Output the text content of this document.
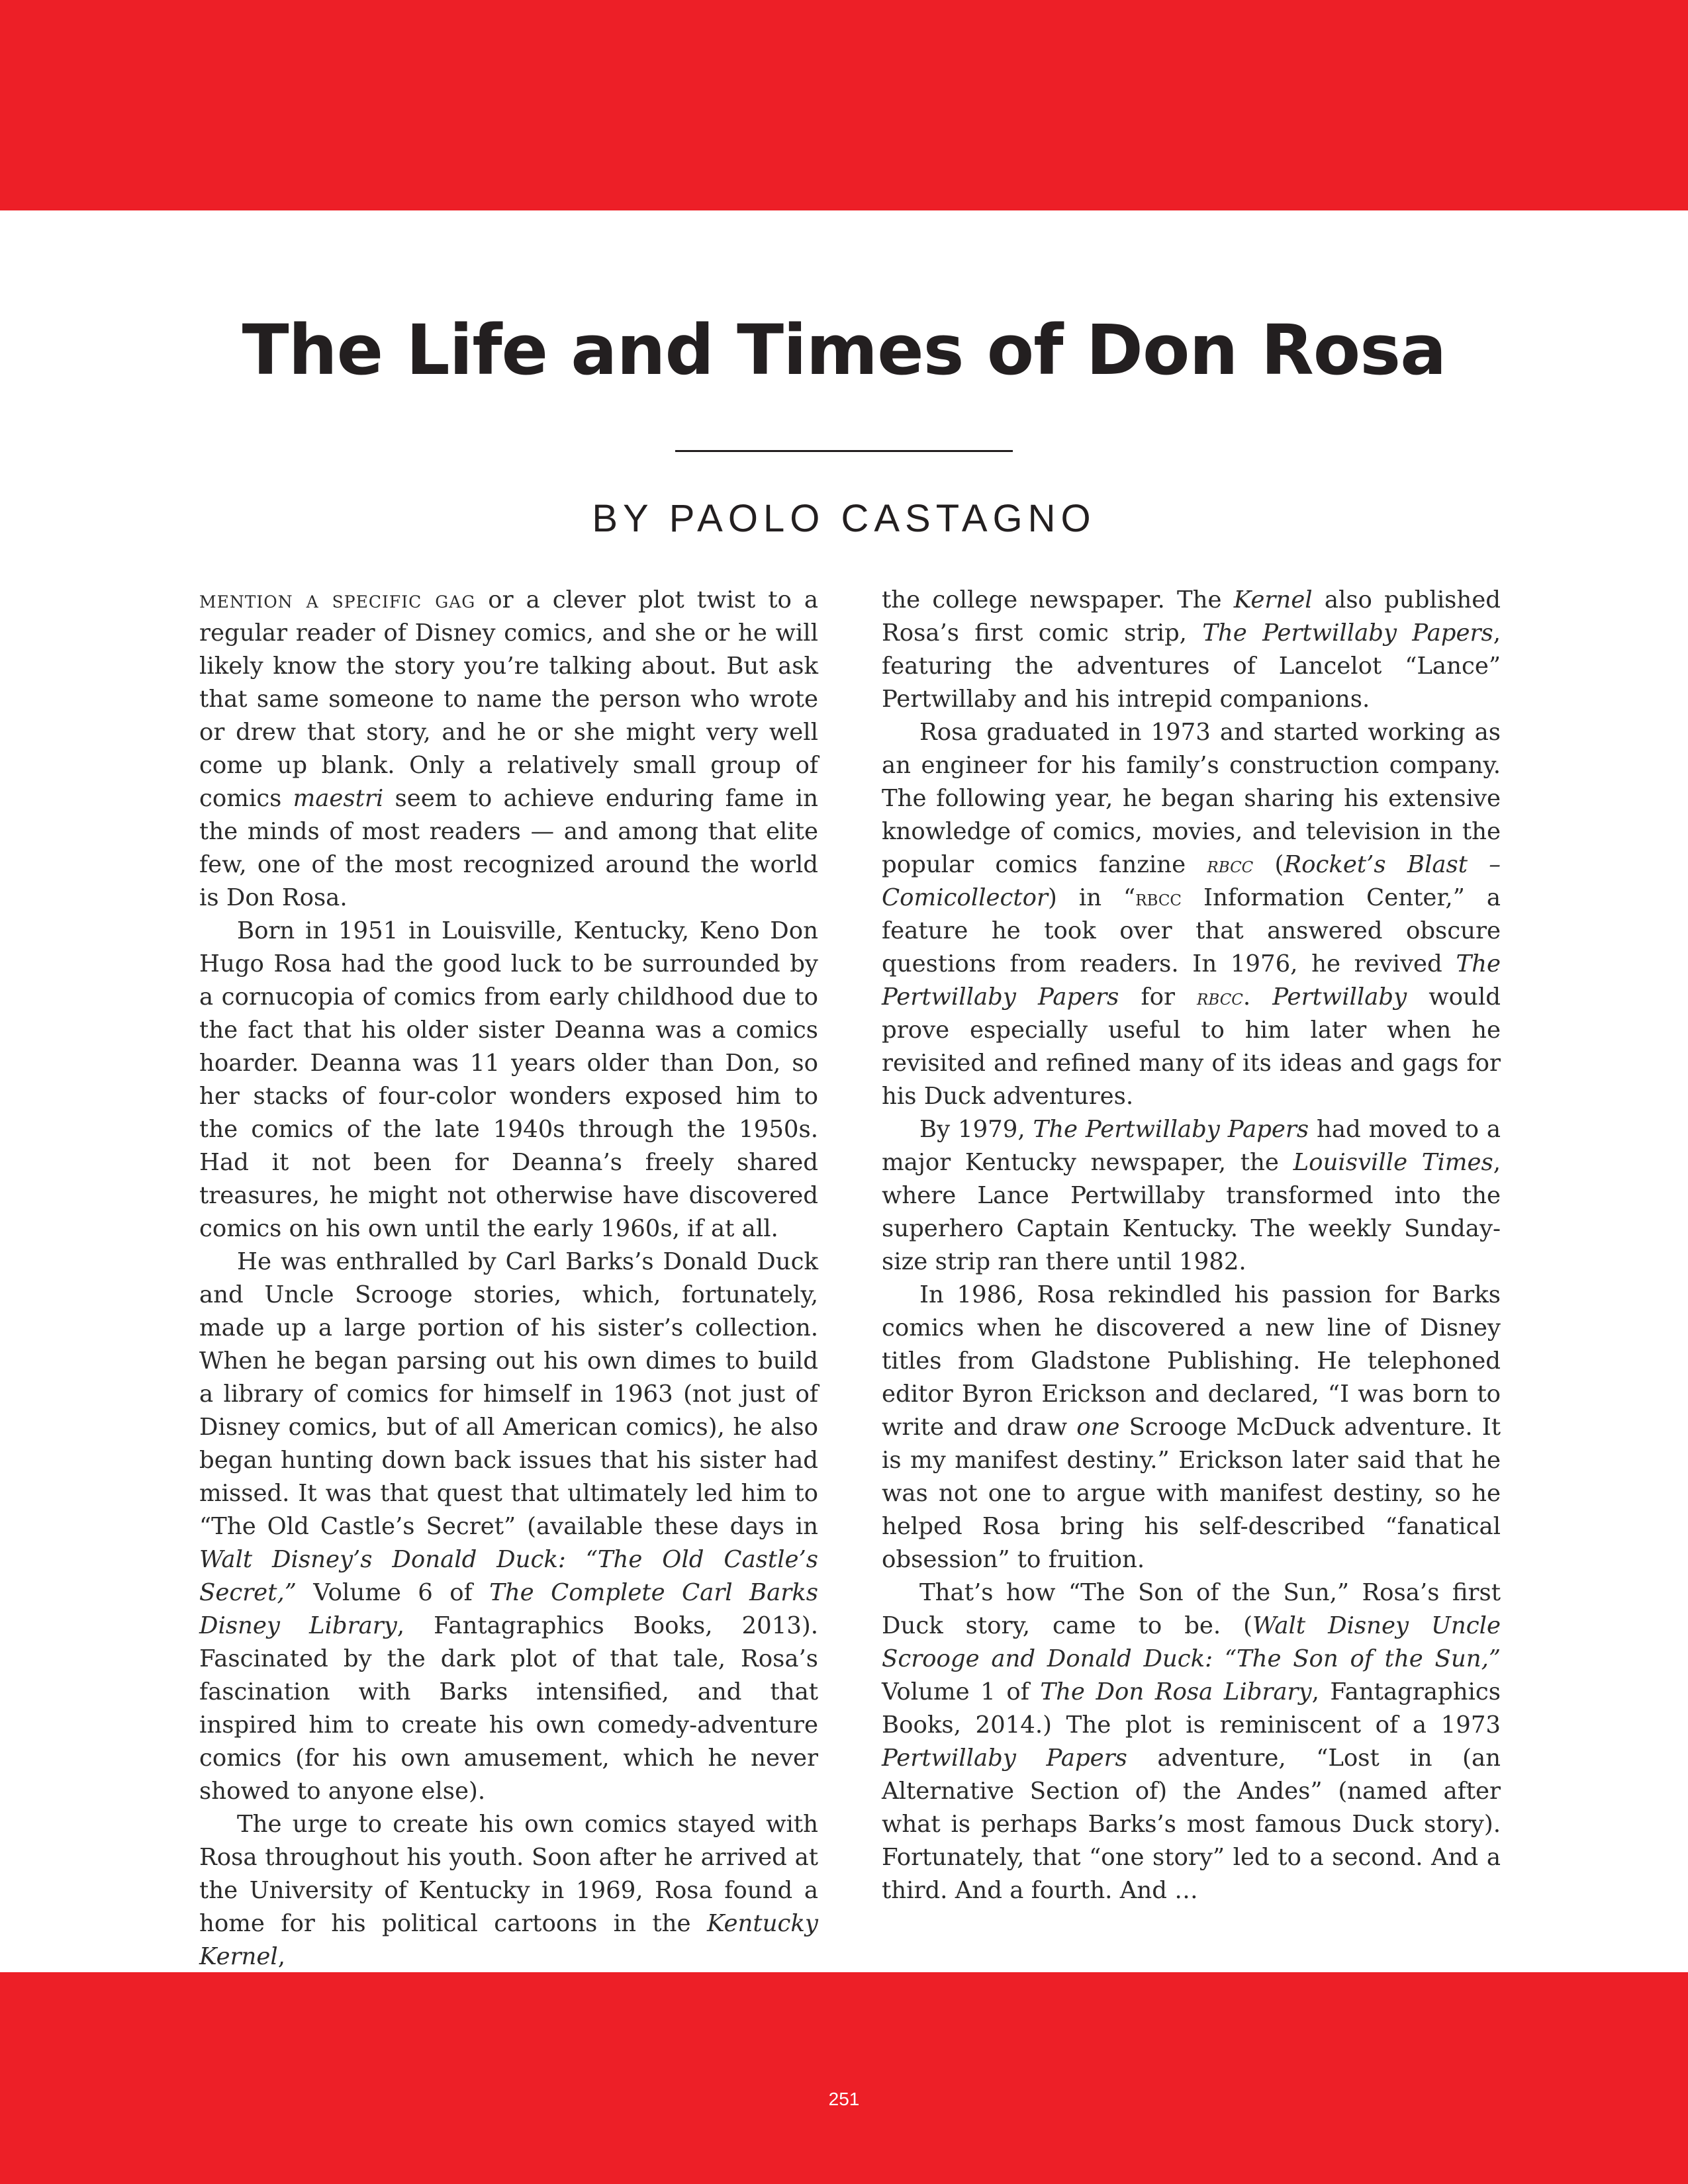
The Life and Times of Don Rosa
BY PAOLO CASTAGNO

mention a specific gag or a clever plot twist to a regular reader of Disney comics, and she or he will likely know the story you’re talking about. But ask that same someone to name the person who wrote or drew that story, and he or she might very well come up blank. Only a relatively small group of comics maestri seem to achieve enduring fame in the minds of most readers — and among that elite few, one of the most recognized around the world is Don Rosa.

Born in 1951 in Louisville, Kentucky, Keno Don Hugo Rosa had the good luck to be surrounded by a cornucopia of comics from early childhood due to the fact that his older sister Deanna was a comics hoarder. Deanna was 11 years older than Don, so her stacks of four-color wonders exposed him to the comics of the late 1940s through the 1950s. Had it not been for Deanna’s freely shared treasures, he might not otherwise have discovered comics on his own until the early 1960s, if at all.

He was enthralled by Carl Barks’s Donald Duck and Uncle Scrooge stories, which, fortunately, made up a large portion of his sister’s collection. When he began parsing out his own dimes to build a library of comics for himself in 1963 (not just of Disney comics, but of all American comics), he also began hunting down back issues that his sister had missed. It was that quest that ultimately led him to “The Old Castle’s Secret” (available these days in Walt Disney’s Donald Duck: “The Old Castle’s Secret,” Volume 6 of The Complete Carl Barks Disney Library, Fantagraphics Books, 2013). Fascinated by the dark plot of that tale, Rosa’s fascination with Barks intensified, and that inspired him to create his own comedy-adventure comics (for his own amusement, which he never showed to anyone else).

The urge to create his own comics stayed with Rosa throughout his youth. Soon after he arrived at the University of Kentucky in 1969, Rosa found a home for his political cartoons in the Kentucky Kernel,

the college newspaper. The Kernel also published Rosa’s first comic strip, The Pertwillaby Papers, featuring the adventures of Lancelot “Lance” Pertwillaby and his intrepid companions.

Rosa graduated in 1973 and started working as an engineer for his family’s construction company. The following year, he began sharing his extensive knowledge of comics, movies, and television in the popular comics fanzine rbcc (Rocket’s Blast – Comicollector) in “rbcc Information Center,” a feature he took over that answered obscure questions from readers. In 1976, he revived The Pertwillaby Papers for rbcc. Pertwillaby would prove especially useful to him later when he revisited and refined many of its ideas and gags for his Duck adventures.

By 1979, The Pertwillaby Papers had moved to a major Kentucky newspaper, the Louisville Times, where Lance Pertwillaby transformed into the superhero Captain Kentucky. The weekly Sunday-size strip ran there until 1982.

In 1986, Rosa rekindled his passion for Barks comics when he discovered a new line of Disney titles from Gladstone Publishing. He telephoned editor Byron Erickson and declared, “I was born to write and draw one Scrooge McDuck adventure. It is my manifest destiny.” Erickson later said that he was not one to argue with manifest destiny, so he helped Rosa bring his self-described “fanatical obsession” to fruition.

That’s how “The Son of the Sun,” Rosa’s first Duck story, came to be. (Walt Disney Uncle Scrooge and Donald Duck: “The Son of the Sun,” Volume 1 of The Don Rosa Library, Fantagraphics Books, 2014.) The plot is reminiscent of a 1973 Pertwillaby Papers adventure, “Lost in (an Alternative Section of) the Andes” (named after what is perhaps Barks’s most famous Duck story). Fortunately, that “one story” led to a second. And a third. And a fourth. And …

251
